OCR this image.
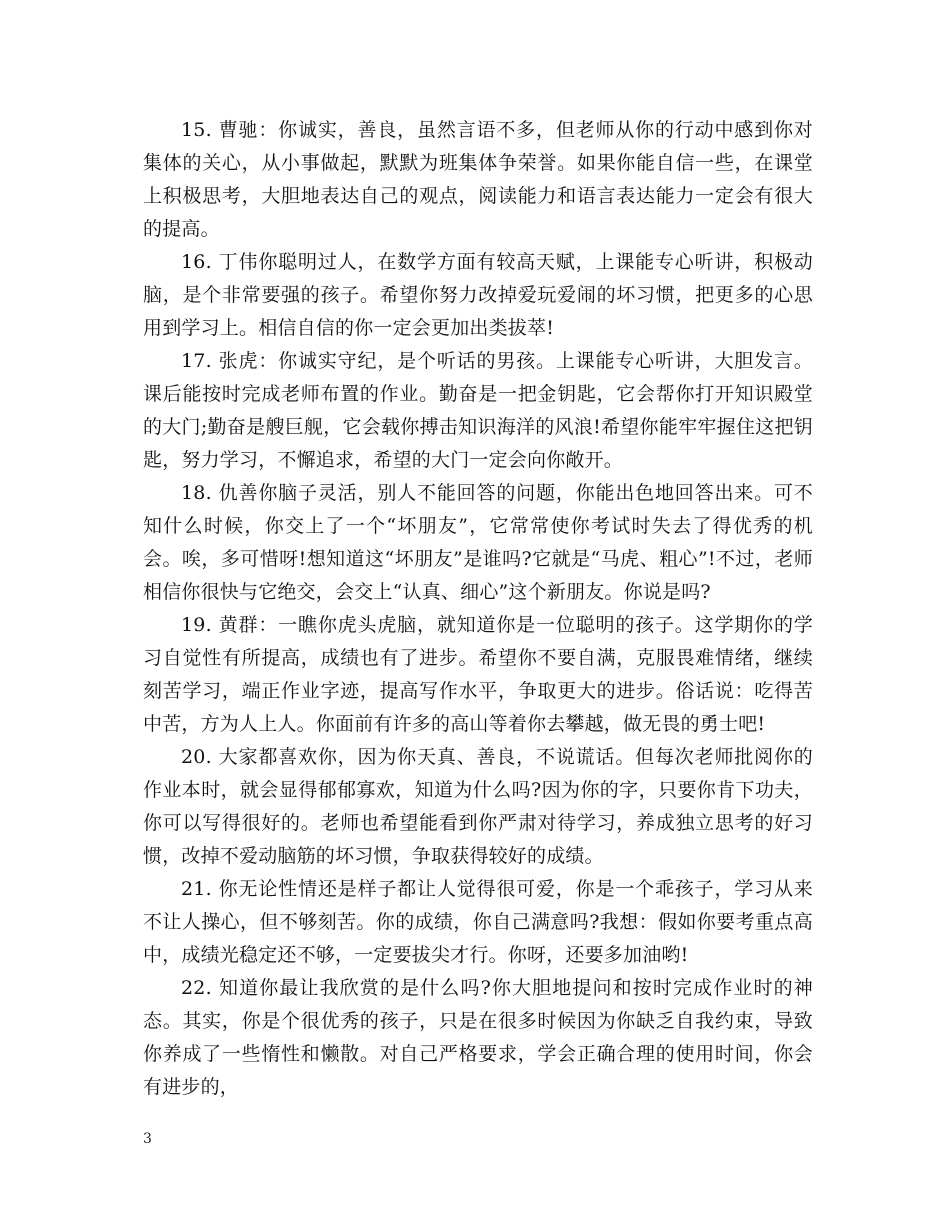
15. 曹驰：你诚实，善良，虽然言语不多，但老师从你的行动中感到你对集体的关心，从小事做起，默默为班集体争荣誉。如果你能自信一些，在课堂上积极思考，大胆地表达自己的观点，阅读能力和语言表达能力一定会有很大的提高。

16. 丁伟你聪明过人，在数学方面有较高天赋，上课能专心听讲，积极动脑，是个非常要强的孩子。希望你努力改掉爱玩爱闹的坏习惯，把更多的心思用到学习上。相信自信的你一定会更加出类拔萃!

17. 张虎：你诚实守纪，是个听话的男孩。上课能专心听讲，大胆发言。课后能按时完成老师布置的作业。勤奋是一把金钥匙，它会帮你打开知识殿堂的大门;勤奋是艘巨舰，它会载你搏击知识海洋的风浪!希望你能牢牢握住这把钥匙，努力学习，不懈追求，希望的大门一定会向你敞开。

18. 仇善你脑子灵活，别人不能回答的问题，你能出色地回答出来。可不知什么时候，你交上了一个“坏朋友”，它常常使你考试时失去了得优秀的机会。唉，多可惜呀!想知道这“坏朋友”是谁吗?它就是“马虎、粗心”!不过，老师相信你很快与它绝交，会交上“认真、细心”这个新朋友。你说是吗?

19. 黄群：一瞧你虎头虎脑，就知道你是一位聪明的孩子。这学期你的学习自觉性有所提高，成绩也有了进步。希望你不要自满，克服畏难情绪，继续刻苦学习，端正作业字迹，提高写作水平，争取更大的进步。俗话说：吃得苦中苦，方为人上人。你面前有许多的高山等着你去攀越，做无畏的勇士吧!

20. 大家都喜欢你，因为你天真、善良，不说谎话。但每次老师批阅你的作业本时，就会显得郁郁寡欢，知道为什么吗?因为你的字，只要你肯下功夫，你可以写得很好的。老师也希望能看到你严肃对待学习，养成独立思考的好习惯，改掉不爱动脑筋的坏习惯，争取获得较好的成绩。

21. 你无论性情还是样子都让人觉得很可爱，你是一个乖孩子，学习从来不让人操心，但不够刻苦。你的成绩，你自己满意吗?我想：假如你要考重点高中，成绩光稳定还不够，一定要拔尖才行。你呀，还要多加油哟!

22. 知道你最让我欣赏的是什么吗?你大胆地提问和按时完成作业时的神态。其实，你是个很优秀的孩子，只是在很多时候因为你缺乏自我约束，导致你养成了一些惰性和懒散。对自己严格要求，学会正确合理的使用时间，你会有进步的，

3
